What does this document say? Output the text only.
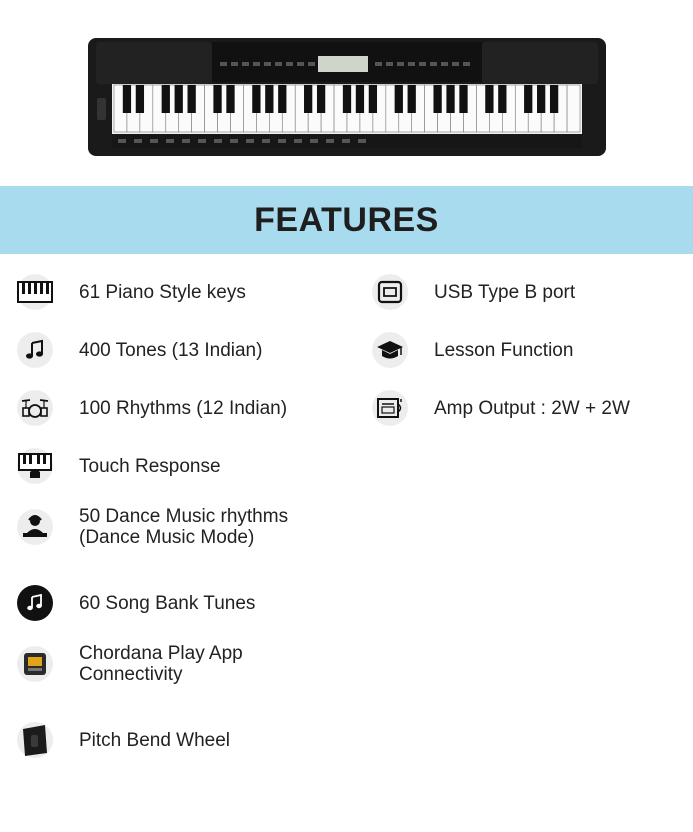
FEATURES
61 Piano Style keys
400 Tones (13 Indian)
100 Rhythms (12 Indian)
Touch Response
50 Dance Music rhythms
(Dance Music Mode)
60 Song Bank Tunes
Chordana Play App
Connectivity
Pitch Bend Wheel
USB Type B port
Lesson Function
Amp Output : 2W + 2W
